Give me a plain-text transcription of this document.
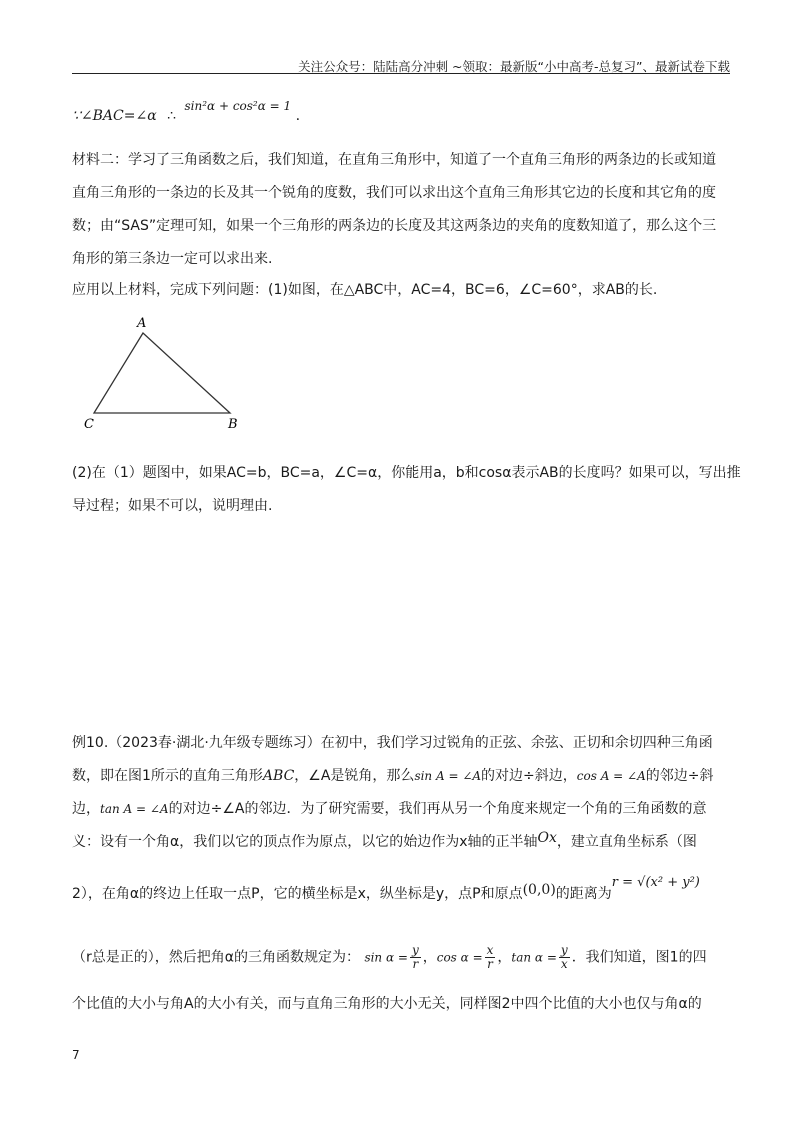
关注公众号：陆陆高分冲刺 ~领取：最新版“小中高考-总复习”、最新试卷下载
∵∠BAC=∠α ∴ sin²α + cos²α = 1 .
材料二：学习了三角函数之后，我们知道，在直角三角形中，知道了一个直角三角形的两条边的长或知道
直角三角形的一条边的长及其一个锐角的度数，我们可以求出这个直角三角形其它边的长度和其它角的度
数；由“SAS”定理可知，如果一个三角形的两条边的长度及其这两条边的夹角的度数知道了，那么这个三
角形的第三条边一定可以求出来.
应用以上材料，完成下列问题：(1)如图，在△ABC中，AC=4，BC=6，∠C=60°，求AB的长.
A
C	B
(2)在（1）题图中，如果AC=b，BC=a，∠C=α，你能用a，b和cosα表示AB的长度吗？如果可以，写出推
导过程；如果不可以，说明理由.
例10.（2023春·湖北·九年级专题练习）在初中，我们学习过锐角的正弦、余弦、正切和余切四种三角函
数，即在图1所示的直角三角形ABC，∠A是锐角，那么sin A = ∠A的对边÷斜边，cos A = ∠A的邻边÷斜
边，tan A = ∠A的对边÷∠A的邻边．为了研究需要，我们再从另一个角度来规定一个角的三角函数的意
义：设有一个角α，我们以它的顶点作为原点，以它的始边作为x轴的正半轴Ox，建立直角坐标系（图
2），在角α的终边上任取一点P，它的横坐标是x，纵坐标是y，点P和原点(0,0)的距离为r = √(x² + y²)
（r总是正的），然后把角α的三角函数规定为： $\sin \alpha = \frac{y}{r}$ ，$\cos \alpha = \frac{x}{r}$ ，$\tan \alpha = \frac{y}{x}$ ．我们知道，图1的四
个比值的大小与角A的大小有关，而与直角三角形的大小无关，同样图2中四个比值的大小也仅与角α的
7
